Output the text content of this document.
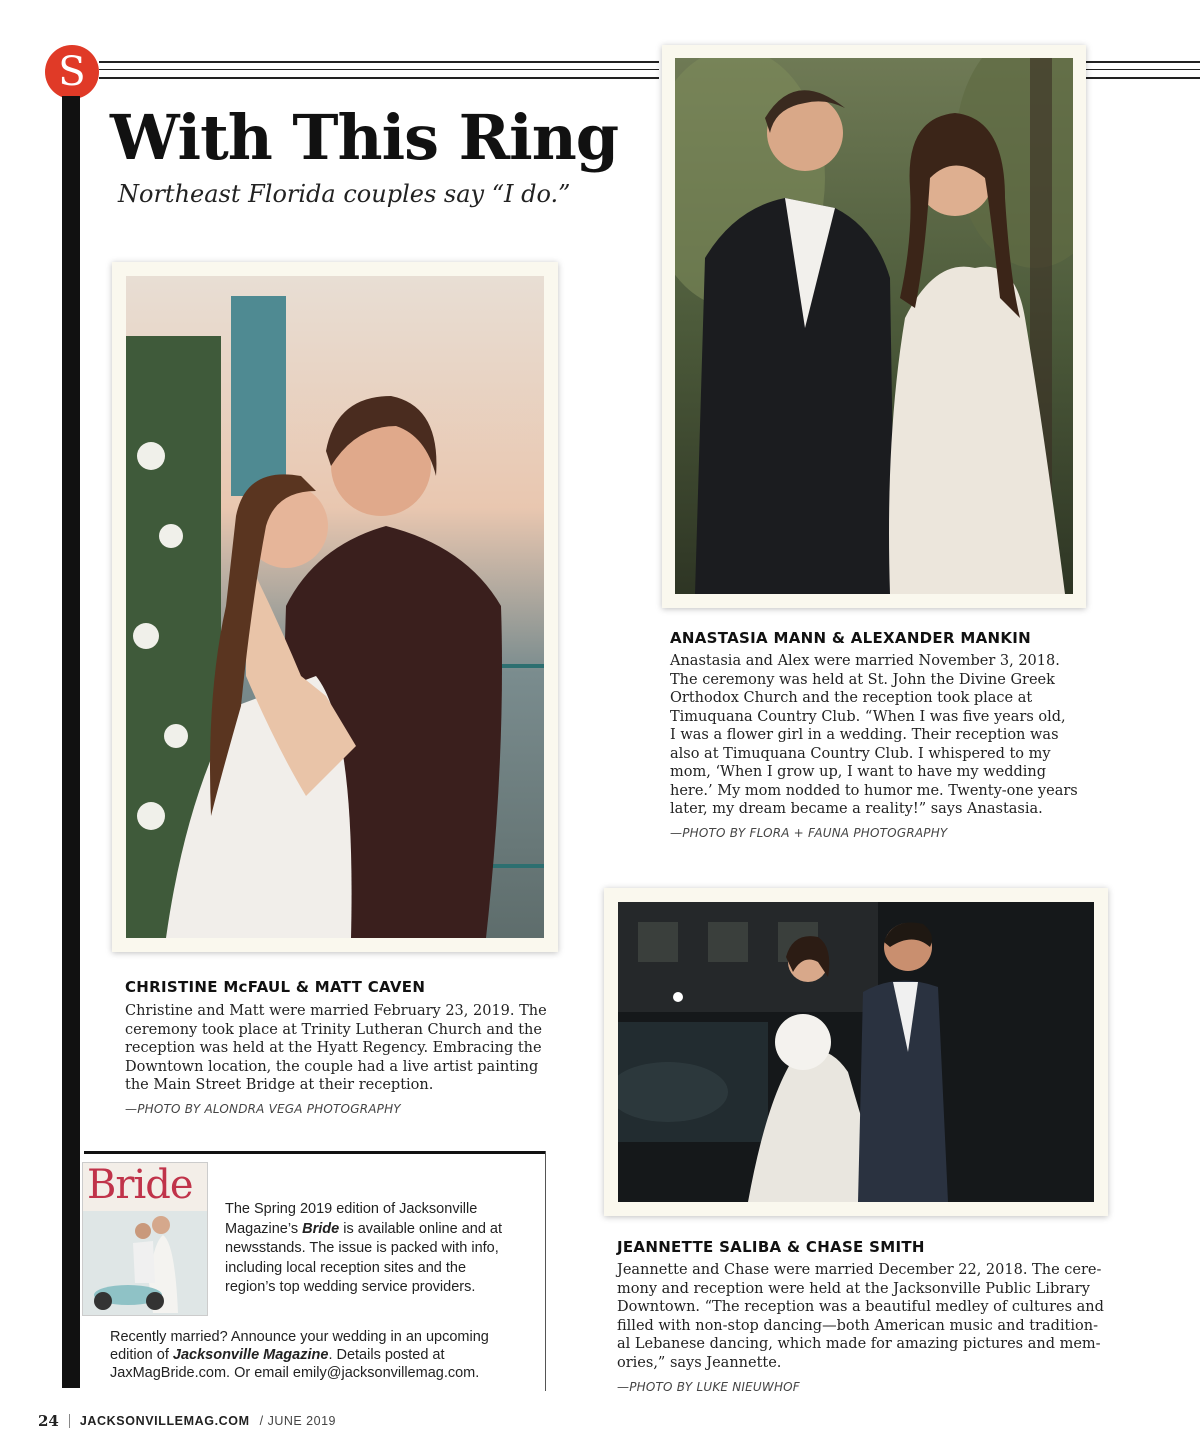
S
With This Ring

Northeast Florida couples say “I do.”

ANASTASIA MANN & ALEXANDER MANKIN

Anastasia and Alex were married November 3, 2018.

The ceremony was held at St. John the Divine Greek

Orthodox Church and the reception took place at

Timuquana Country Club. “When I was five years old,

I was a flower girl in a wedding. Their reception was

also at Timuquana Country Club. I whispered to my

mom, ‘When I grow up, I want to have my wedding

here.’ My mom nodded to humor me. Twenty-one years

later, my dream became a reality!” says Anastasia.

—PHOTO BY FLORA + FAUNA PHOTOGRAPHY

CHRISTINE McFAUL & MATT CAVEN

Christine and Matt were married February 23, 2019. The

ceremony took place at Trinity Lutheran Church and the

reception was held at the Hyatt Regency. Embracing the

Downtown location, the couple had a live artist painting

the Main Street Bridge at their reception.

—PHOTO BY ALONDRA VEGA PHOTOGRAPHY

JEANNETTE SALIBA & CHASE SMITH

Jeannette and Chase were married December 22, 2018. The cere-

mony and reception were held at the Jacksonville Public Library

Downtown. “The reception was a beautiful medley of cultures and

filled with non-stop dancing—both American music and tradition-

al Lebanese dancing, which made for amazing pictures and mem-

ories,” says Jeannette.

—PHOTO BY LUKE NIEUWHOF

Bride

The Spring 2019 edition of Jacksonville

Magazine’s Bride is available online and at

newsstands. The issue is packed with info,

including local reception sites and the

region’s top wedding service providers.

Recently married? Announce your wedding in an upcoming

edition of Jacksonville Magazine. Details posted at

JaxMagBride.com. Or email emily@jacksonvillemag.com.

24 JACKSONVILLEMAG.COM / JUNE 2019
